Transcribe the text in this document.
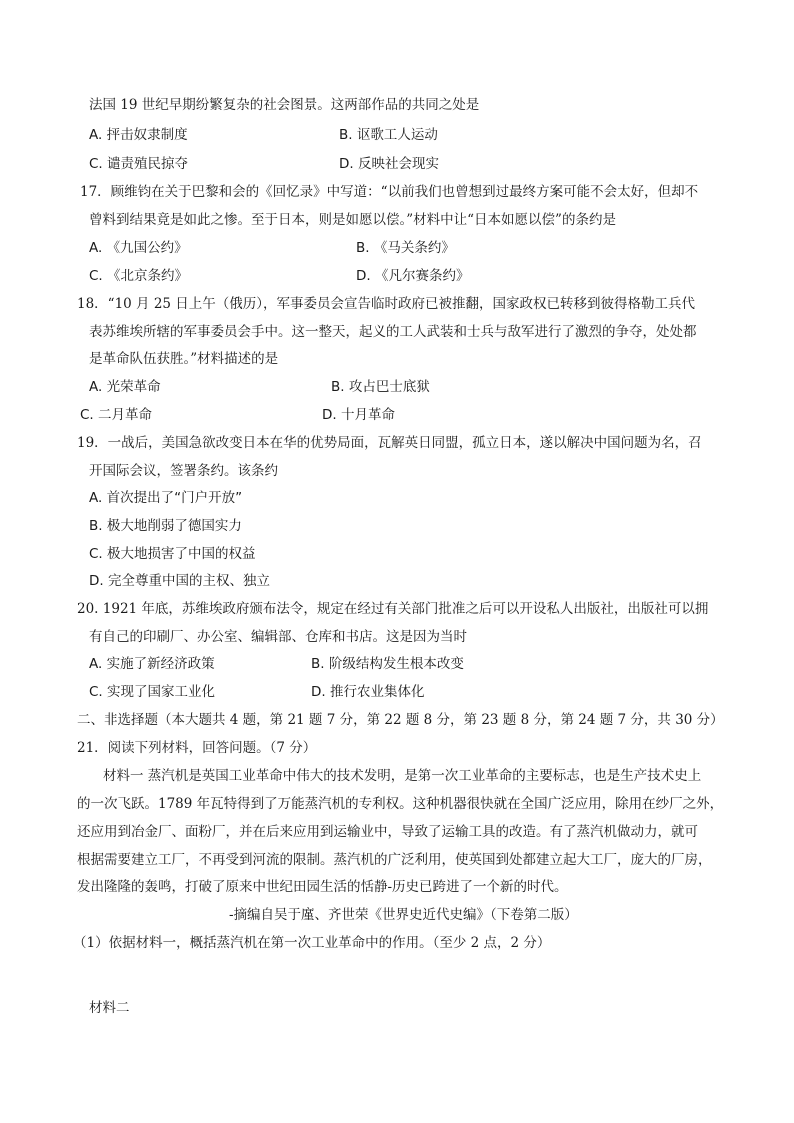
法国 19 世纪早期纷繁复杂的社会图景。这两部作品的共同之处是
A. 抨击奴隶制度	B. 讴歌工人运动
C. 谴责殖民掠夺	D. 反映社会现实
17．顾维钧在关于巴黎和会的《回忆录》中写道：“以前我们也曾想到过最终方案可能不会太好，但却不
曾料到结果竟是如此之惨。至于日本，则是如愿以偿。”材料中让“日本如愿以偿”的条约是
A. 《九国公约》	B. 《马关条约》
C. 《北京条约》	D. 《凡尔赛条约》
18．“10 月 25 日上午（俄历），军事委员会宣告临时政府已被推翻，国家政权已转移到彼得格勒工兵代
表苏维埃所辖的军事委员会手中。这一整天，起义的工人武装和士兵与敌军进行了激烈的争夺，处处都
是革命队伍获胜。”材料描述的是
A. 光荣革命	B. 攻占巴士底狱
C. 二月革命	D. 十月革命
19．一战后，美国急欲改变日本在华的优势局面，瓦解英日同盟，孤立日本，遂以解决中国问题为名，召
开国际会议，签署条约。该条约
A. 首次提出了“门户开放”
B. 极大地削弱了德国实力
C. 极大地损害了中国的权益
D. 完全尊重中国的主权、独立
20. 1921 年底，苏维埃政府颁布法令，规定在经过有关部门批准之后可以开设私人出版社，出版社可以拥
有自己的印刷厂、办公室、编辑部、仓库和书店。这是因为当时
A. 实施了新经济政策	B. 阶级结构发生根本改变
C. 实现了国家工业化	D. 推行农业集体化
二、非选择题（本大题共 4 题，第 21 题 7 分，第 22 题 8 分，第 23 题 8 分，第 24 题 7 分，共 30 分）
21．阅读下列材料，回答问题。（7 分）
材料一 蒸汽机是英国工业革命中伟大的技术发明，是第一次工业革命的主要标志，也是生产技术史上
的一次飞跃。1789 年瓦特得到了万能蒸汽机的专利权。这种机器很快就在全国广泛应用，除用在纱厂之外，
还应用到冶金厂、面粉厂，并在后来应用到运输业中，导致了运输工具的改造。有了蒸汽机做动力，就可
根据需要建立工厂，不再受到河流的限制。蒸汽机的广泛利用，使英国到处都建立起大工厂，庞大的厂房，
发出隆隆的轰鸣，打破了原来中世纪田园生活的恬静-历史已跨进了一个新的时代。
-摘编自吴于廑、齐世荣《世界史近代史编》（下卷第二版）
（1）依据材料一，概括蒸汽机在第一次工业革命中的作用。（至少 2 点，2 分）
材料二
